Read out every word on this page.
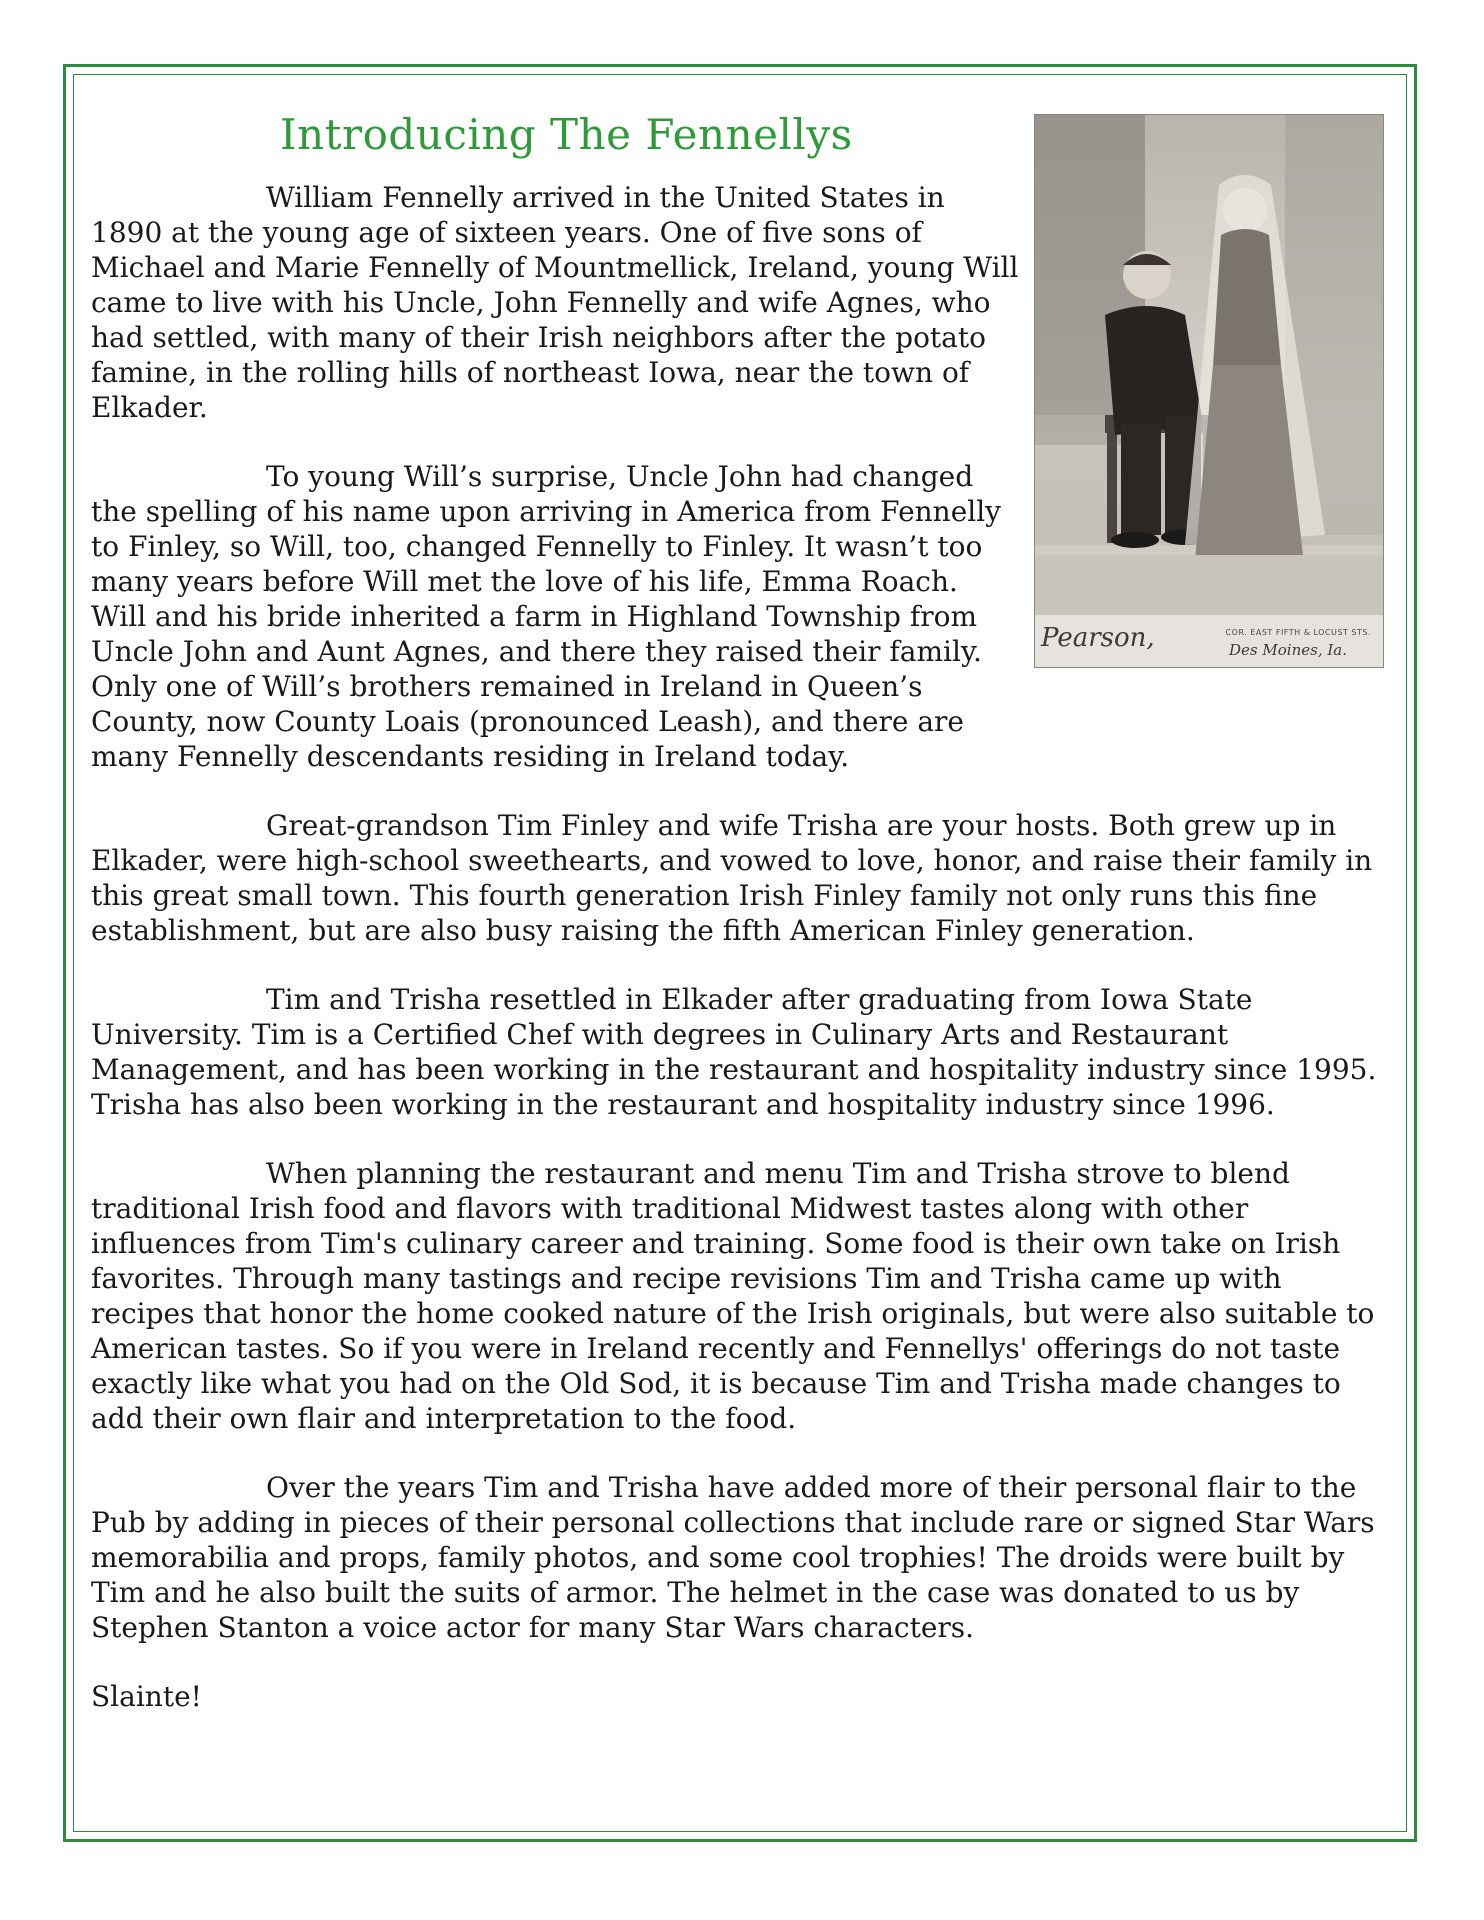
Introducing The Fennellys
Pearson,	COR. EAST FIFTH & LOCUST STS.
Des Moines, Ia.

William Fennelly arrived in the United States in 1890 at the young age of sixteen years. One of five sons of Michael and Marie Fennelly of Mountmellick, Ireland, young Will came to live with his Uncle, John Fennelly and wife Agnes, who had settled, with many of their Irish neighbors after the potato famine, in the rolling hills of northeast Iowa, near the town of Elkader.

To young Will’s surprise, Uncle John had changed the spelling of his name upon arriving in America from Fennelly to Finley, so Will, too, changed Fennelly to Finley. It wasn’t too many years before Will met the love of his life, Emma Roach. Will and his bride inherited a farm in Highland Township from Uncle John and Aunt Agnes, and there they raised their family. Only one of Will’s brothers remained in Ireland in Queen’s County, now County Loais (pronounced Leash), and there are many Fennelly descendants residing in Ireland today.

Great-grandson Tim Finley and wife Trisha are your hosts. Both grew up in Elkader, were high-school sweethearts, and vowed to love, honor, and raise their family in this great small town. This fourth generation Irish Finley family not only runs this fine establishment, but are also busy raising the fifth American Finley generation.

Tim and Trisha resettled in Elkader after graduating from Iowa State University. Tim is a Certified Chef with degrees in Culinary Arts and Restaurant Management, and has been working in the restaurant and hospitality industry since 1995. Trisha has also been working in the restaurant and hospitality industry since 1996.

When planning the restaurant and menu Tim and Trisha strove to blend traditional Irish food and flavors with traditional Midwest tastes along with other influences from Tim's culinary career and training. Some food is their own take on Irish favorites. Through many tastings and recipe revisions Tim and Trisha came up with recipes that honor the home cooked nature of the Irish originals, but were also suitable to American tastes. So if you were in Ireland recently and Fennellys' offerings do not taste exactly like what you had on the Old Sod, it is because Tim and Trisha made changes to add their own flair and interpretation to the food.

Over the years Tim and Trisha have added more of their personal flair to the Pub by adding in pieces of their personal collections that include rare or signed Star Wars memorabilia and props, family photos, and some cool trophies! The droids were built by Tim and he also built the suits of armor. The helmet in the case was donated to us by Stephen Stanton a voice actor for many Star Wars characters.

Slainte!
